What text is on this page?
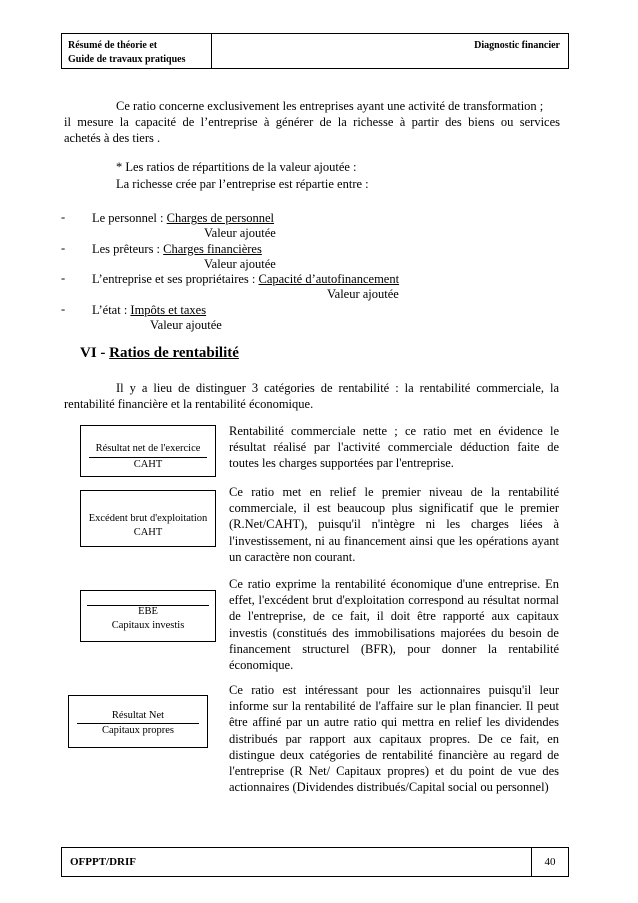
Résumé de théorie et
Guide de travaux pratiques
Diagnostic financier
Ce ratio concerne exclusivement les entreprises ayant une activité de transformation ;
il mesure la capacité de l’entreprise à générer de la richesse à partir des biens ou services
achetés à des tiers .
* Les ratios de répartitions de la valeur ajoutée :
La richesse crée par l’entreprise est répartie entre :
- Le personnel : Charges de personnel
Valeur ajoutée
- Les prêteurs : Charges financières
Valeur ajoutée
- L’entreprise et ses propriétaires : Capacité d’autofinancement
Valeur ajoutée
- L’état : Impôts et taxes
Valeur ajoutée
VI - Ratios de rentabilité
Il y a lieu de distinguer 3 catégories de rentabilité : la rentabilité commerciale, la
rentabilité financière et la rentabilité économique.
Résultat net de l'exercice
CAHT
Rentabilité commerciale nette ; ce ratio met en évidence le résultat réalisé par l'activité commerciale déduction faite de toutes les charges supportées par l'entreprise.
Excédent brut d'exploitation
CAHT
Ce ratio met en relief le premier niveau de la rentabilité commerciale, il est beaucoup plus significatif que le premier (R.Net/CAHT), puisqu'il n'intègre ni les charges liées à l'investissement, ni au financement ainsi que les opérations ayant un caractère non courant.
EBE
Capitaux investis
Ce ratio exprime la rentabilité économique d'une entreprise. En effet, l'excédent brut d'exploitation correspond au résultat normal de l'entreprise, de ce fait, il doit être rapporté aux capitaux investis (constitués des immobilisations majorées du besoin de financement structurel (BFR), pour donner la rentabilité économique.
Résultat Net
Capitaux propres
Ce ratio est intéressant pour les actionnaires puisqu'il leur informe sur la rentabilité de l'affaire sur le plan financier. Il peut être affiné par un autre ratio qui mettra en relief les dividendes distribués par rapport aux capitaux propres. De ce fait, en distingue deux catégories de rentabilité financière au regard de l'entreprise (R Net/ Capitaux propres) et du point de vue des actionnaires (Dividendes distribués/Capital social ou personnel)
OFPPT/DRIF	40
